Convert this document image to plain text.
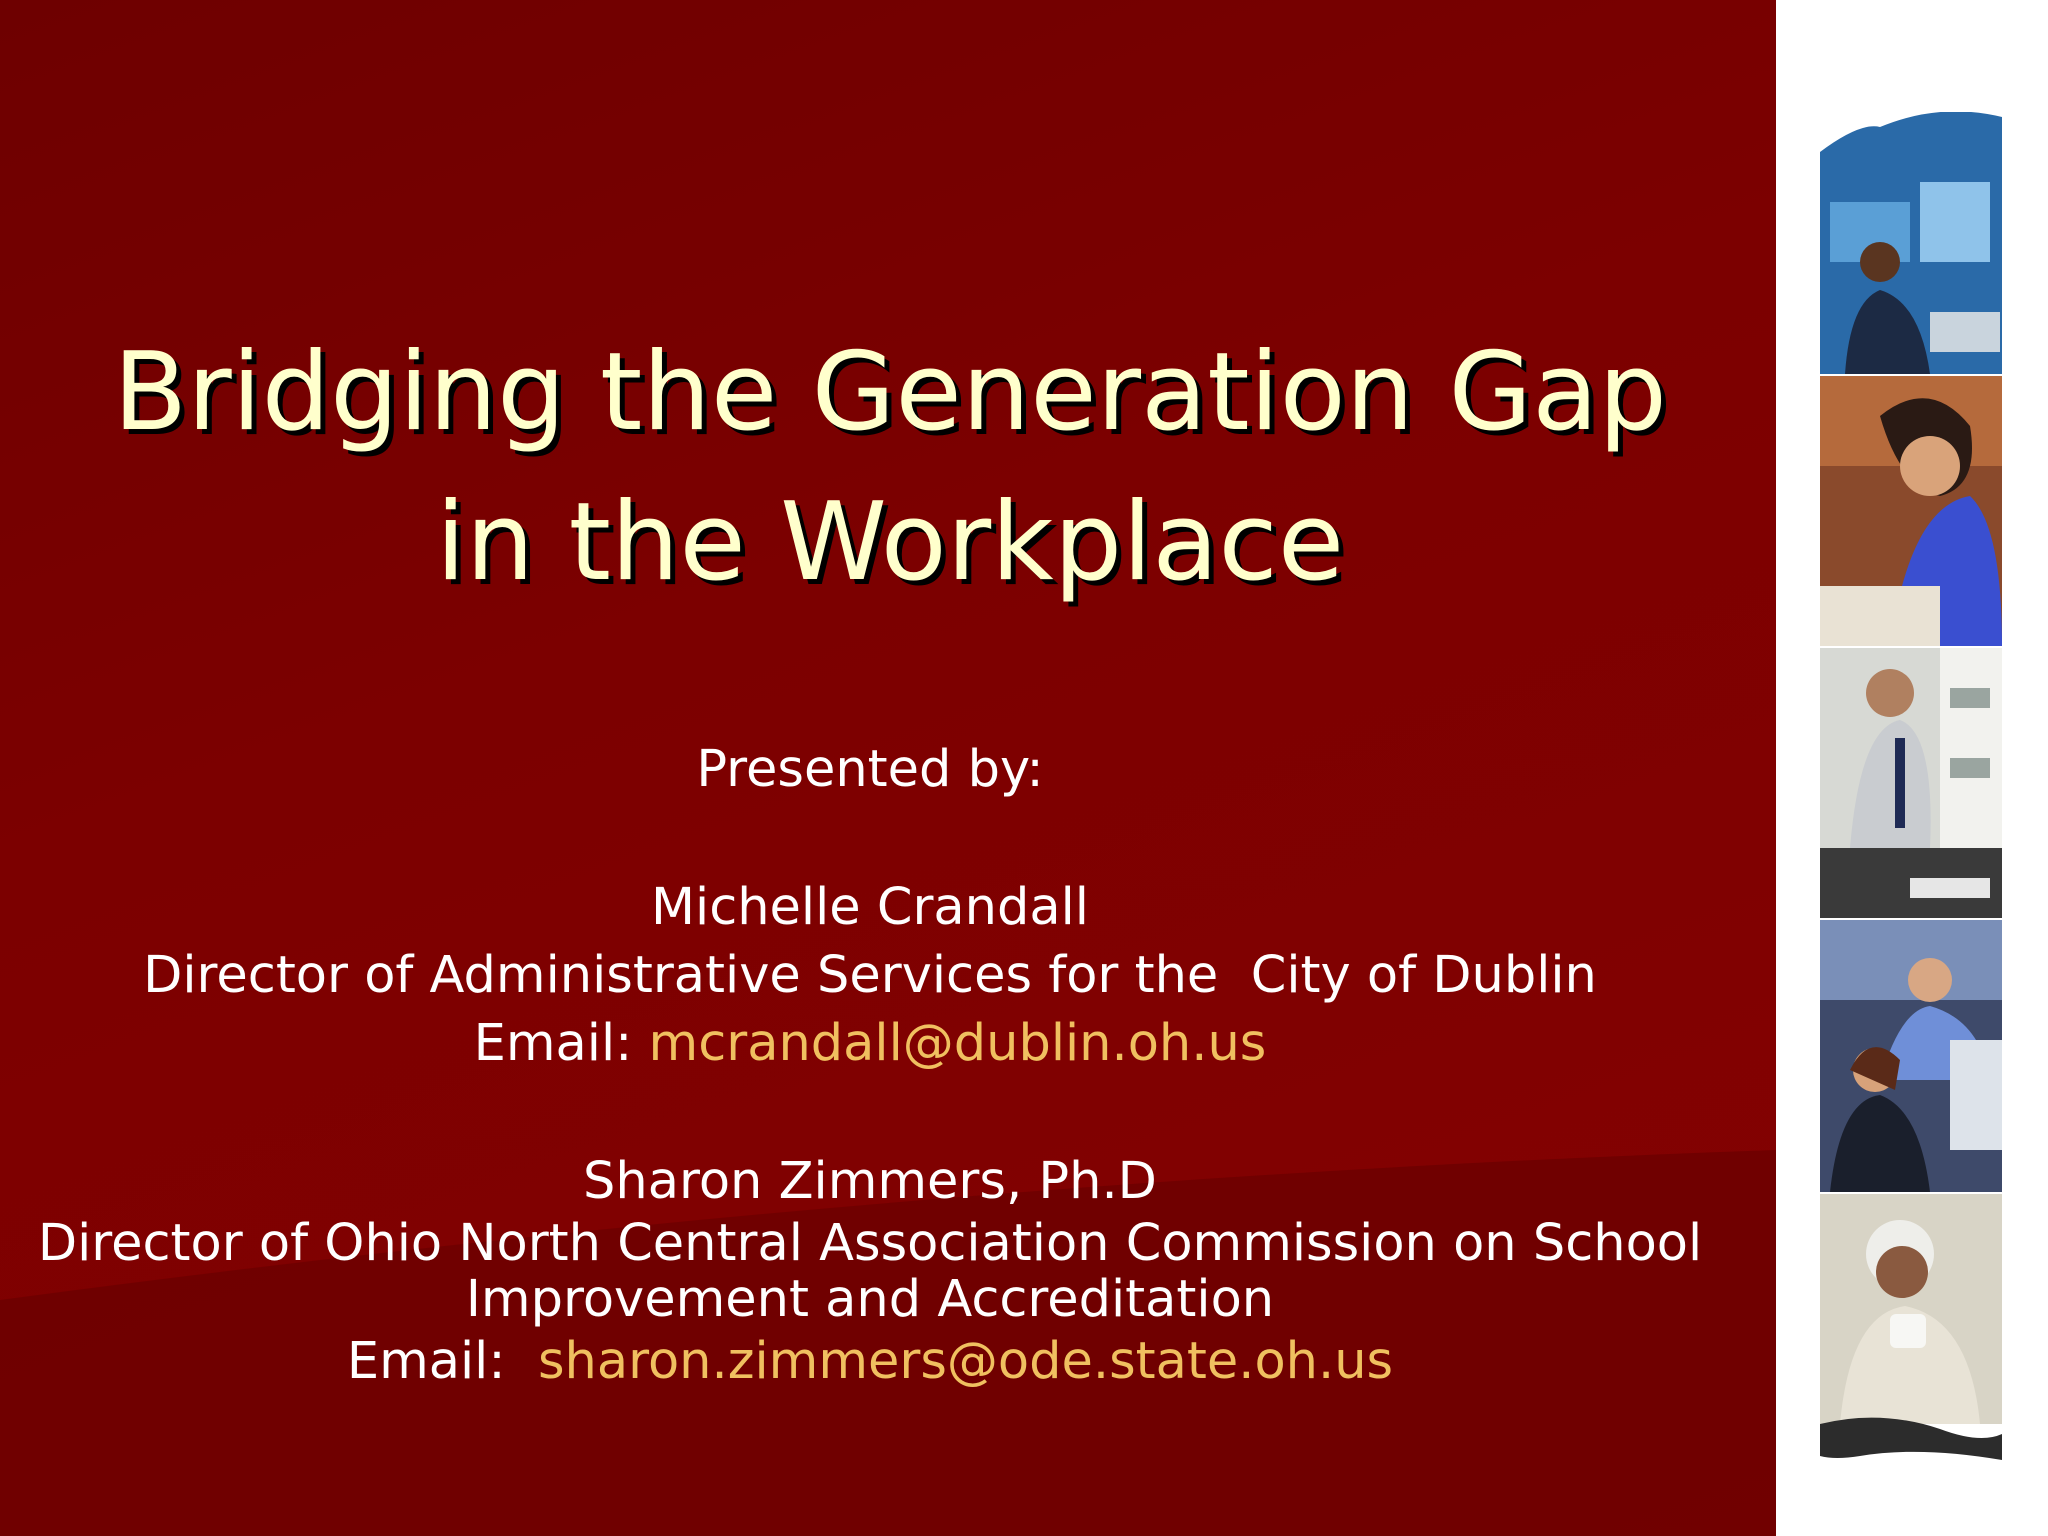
Bridging the Generation Gap
in the Workplace
Presented by:
Michelle Crandall
Director of Administrative Services for the  City of Dublin
Email: mcrandall@dublin.oh.us
Sharon Zimmers, Ph.D
Director of Ohio North Central Association Commission on School
Improvement and Accreditation
Email:  sharon.zimmers@ode.state.oh.us
